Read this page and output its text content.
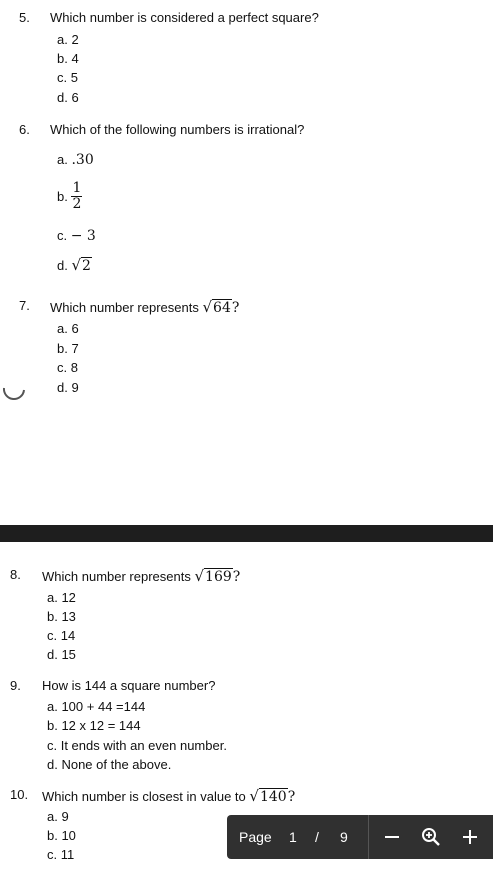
5. Which number is considered a perfect square?
a. 2
b. 4
c. 5
d. 6
6. Which of the following numbers is irrational?
a. .30
b. $\frac{1}{2}$
c. − 3
d. √2
7. Which number represents √64?
a. 6
b. 7
c. 8
d. 9
8. Which number represents √169?
a. 12
b. 13
c. 14
d. 15
9. How is 144 a square number?
a. 100 + 44 =144
b. 12 x 12 = 144
c. It ends with an even number.
d. None of the above.
10. Which number is closest in value to √140?
a. 9
b. 10
c. 11
Page 1 / 9
